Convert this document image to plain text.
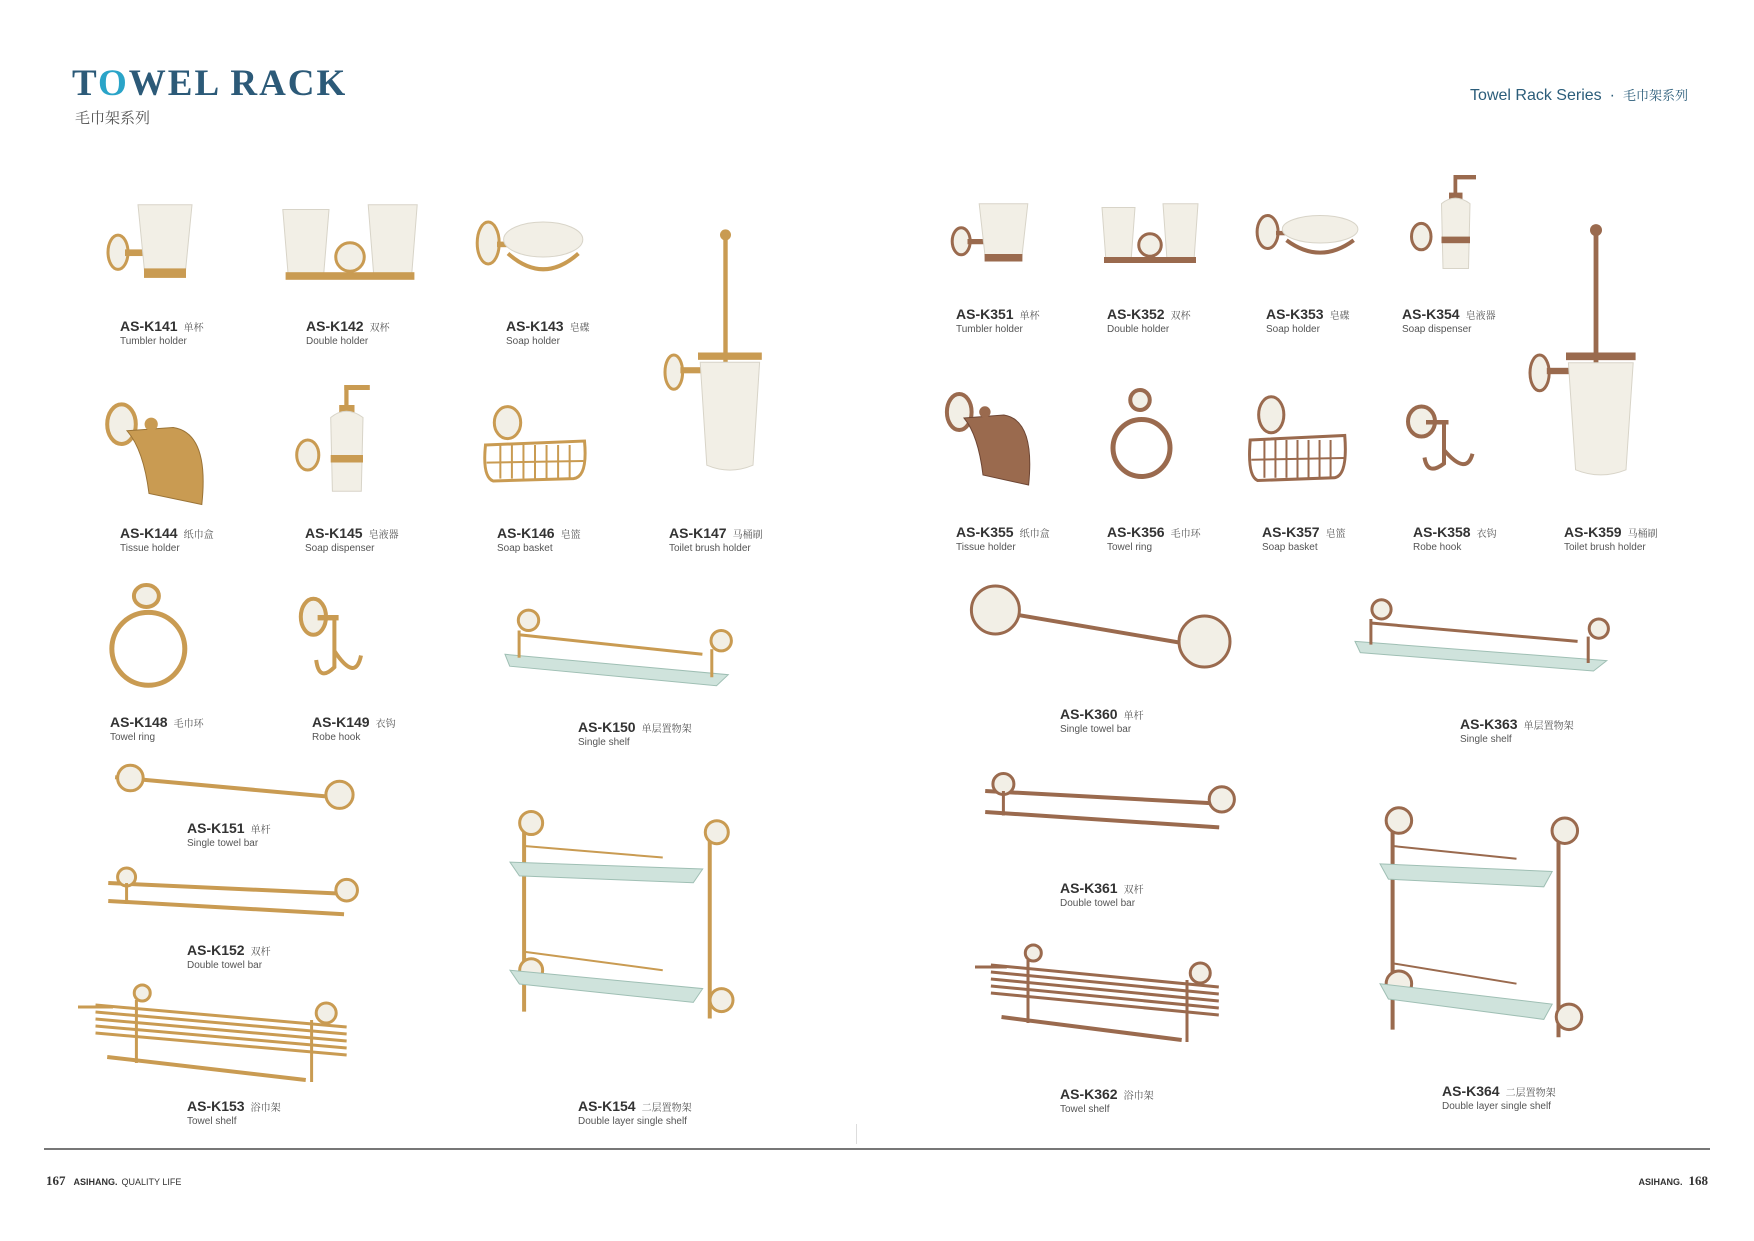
TOWEL RACK
毛巾架系列
Towel Rack Series · 毛巾架系列
AS-K141 单杯
Tumbler holder
AS-K142 双杯
Double holder
AS-K143 皂碟
Soap holder
AS-K144 纸巾盒
Tissue holder
AS-K145 皂液器
Soap dispenser
AS-K146 皂篮
Soap basket
AS-K147 马桶刷
Toilet brush holder
AS-K148 毛巾环
Towel ring
AS-K149 衣钩
Robe hook
AS-K150 单层置物架
Single shelf
AS-K151 单杆
Single towel bar
AS-K152 双杆
Double towel bar
AS-K153 浴巾架
Towel shelf
AS-K154 二层置物架
Double layer single shelf
AS-K351 单杯
Tumbler holder
AS-K352 双杯
Double holder
AS-K353 皂碟
Soap holder
AS-K354 皂液器
Soap dispenser
AS-K355 纸巾盒
Tissue holder
AS-K356 毛巾环
Towel ring
AS-K357 皂篮
Soap basket
AS-K358 衣钩
Robe hook
AS-K359 马桶刷
Toilet brush holder
AS-K360 单杆
Single towel bar	AS-K363 单层置物架
Single shelf
AS-K361 双杆
Double towel bar
AS-K362 浴巾架
Towel shelf
AS-K364 二层置物架
Double layer single shelf
167 ASIHANG. QUALITY LIFE	ASIHANG. 168
